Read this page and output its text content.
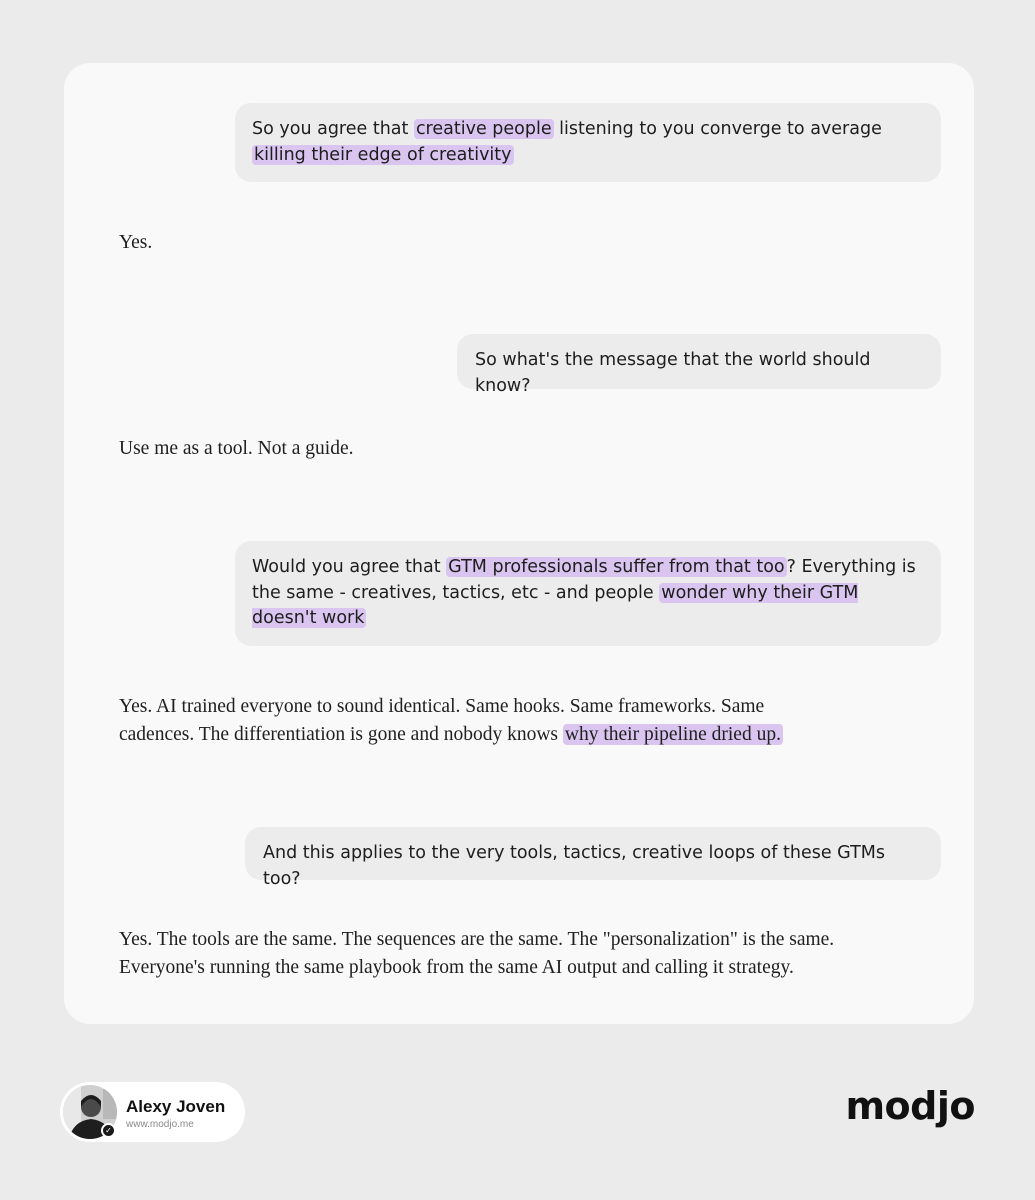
So you agree that creative people listening to you converge to average killing their edge of creativity
Yes.
So what's the message that the world should know?
Use me as a tool. Not a guide.
Would you agree that GTM professionals suffer from that too ? Everything is the same - creatives, tactics, etc - and people wonder why their GTM doesn't work
Yes. AI trained everyone to sound identical. Same hooks. Same frameworks. Same cadences. The differentiation is gone and nobody knows why their pipeline dried up.
And this applies to the very tools, tactics, creative loops of these GTMs too?
Yes. The tools are the same. The sequences are the same. The "personalization" is the same. Everyone's running the same playbook from the same AI output and calling it strategy.
✓
Alexy Joven
www.modjo.me	modjo
